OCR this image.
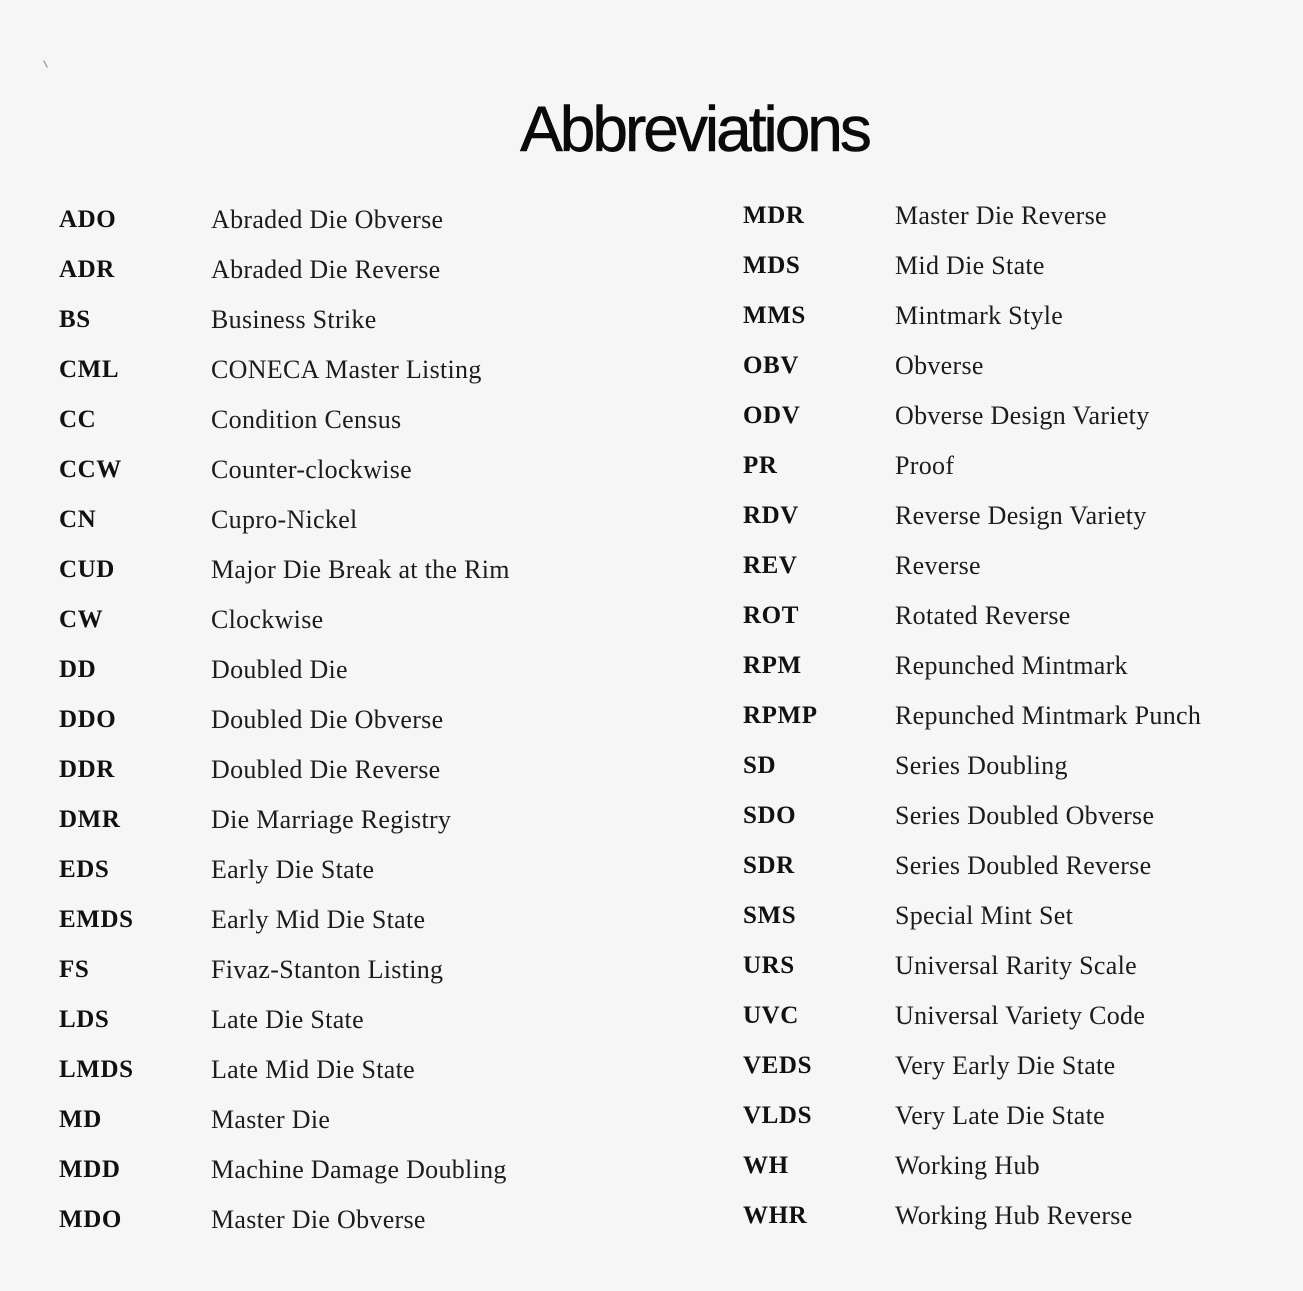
Abbreviations
ADO	Abraded Die Obverse
ADR	Abraded Die Reverse
BS	Business Strike
CML	CONECA Master Listing
CC	Condition Census
CCW	Counter-clockwise
CN	Cupro-Nickel
CUD	Major Die Break at the Rim
CW	Clockwise
DD	Doubled Die
DDO	Doubled Die Obverse
DDR	Doubled Die Reverse
DMR	Die Marriage Registry
EDS	Early Die State
EMDS	Early Mid Die State
FS	Fivaz-Stanton Listing
LDS	Late Die State
LMDS	Late Mid Die State
MD	Master Die
MDD	Machine Damage Doubling
MDO	Master Die Obverse
MDR	Master Die Reverse
MDS	Mid Die State
MMS	Mintmark Style
OBV	Obverse
ODV	Obverse Design Variety
PR	Proof
RDV	Reverse Design Variety
REV	Reverse
ROT	Rotated Reverse
RPM	Repunched Mintmark
RPMP	Repunched Mintmark Punch
SD	Series Doubling
SDO	Series Doubled Obverse
SDR	Series Doubled Reverse
SMS	Special Mint Set
URS	Universal Rarity Scale
UVC	Universal Variety Code
VEDS	Very Early Die State
VLDS	Very Late Die State
WH	Working Hub
WHR	Working Hub Reverse
